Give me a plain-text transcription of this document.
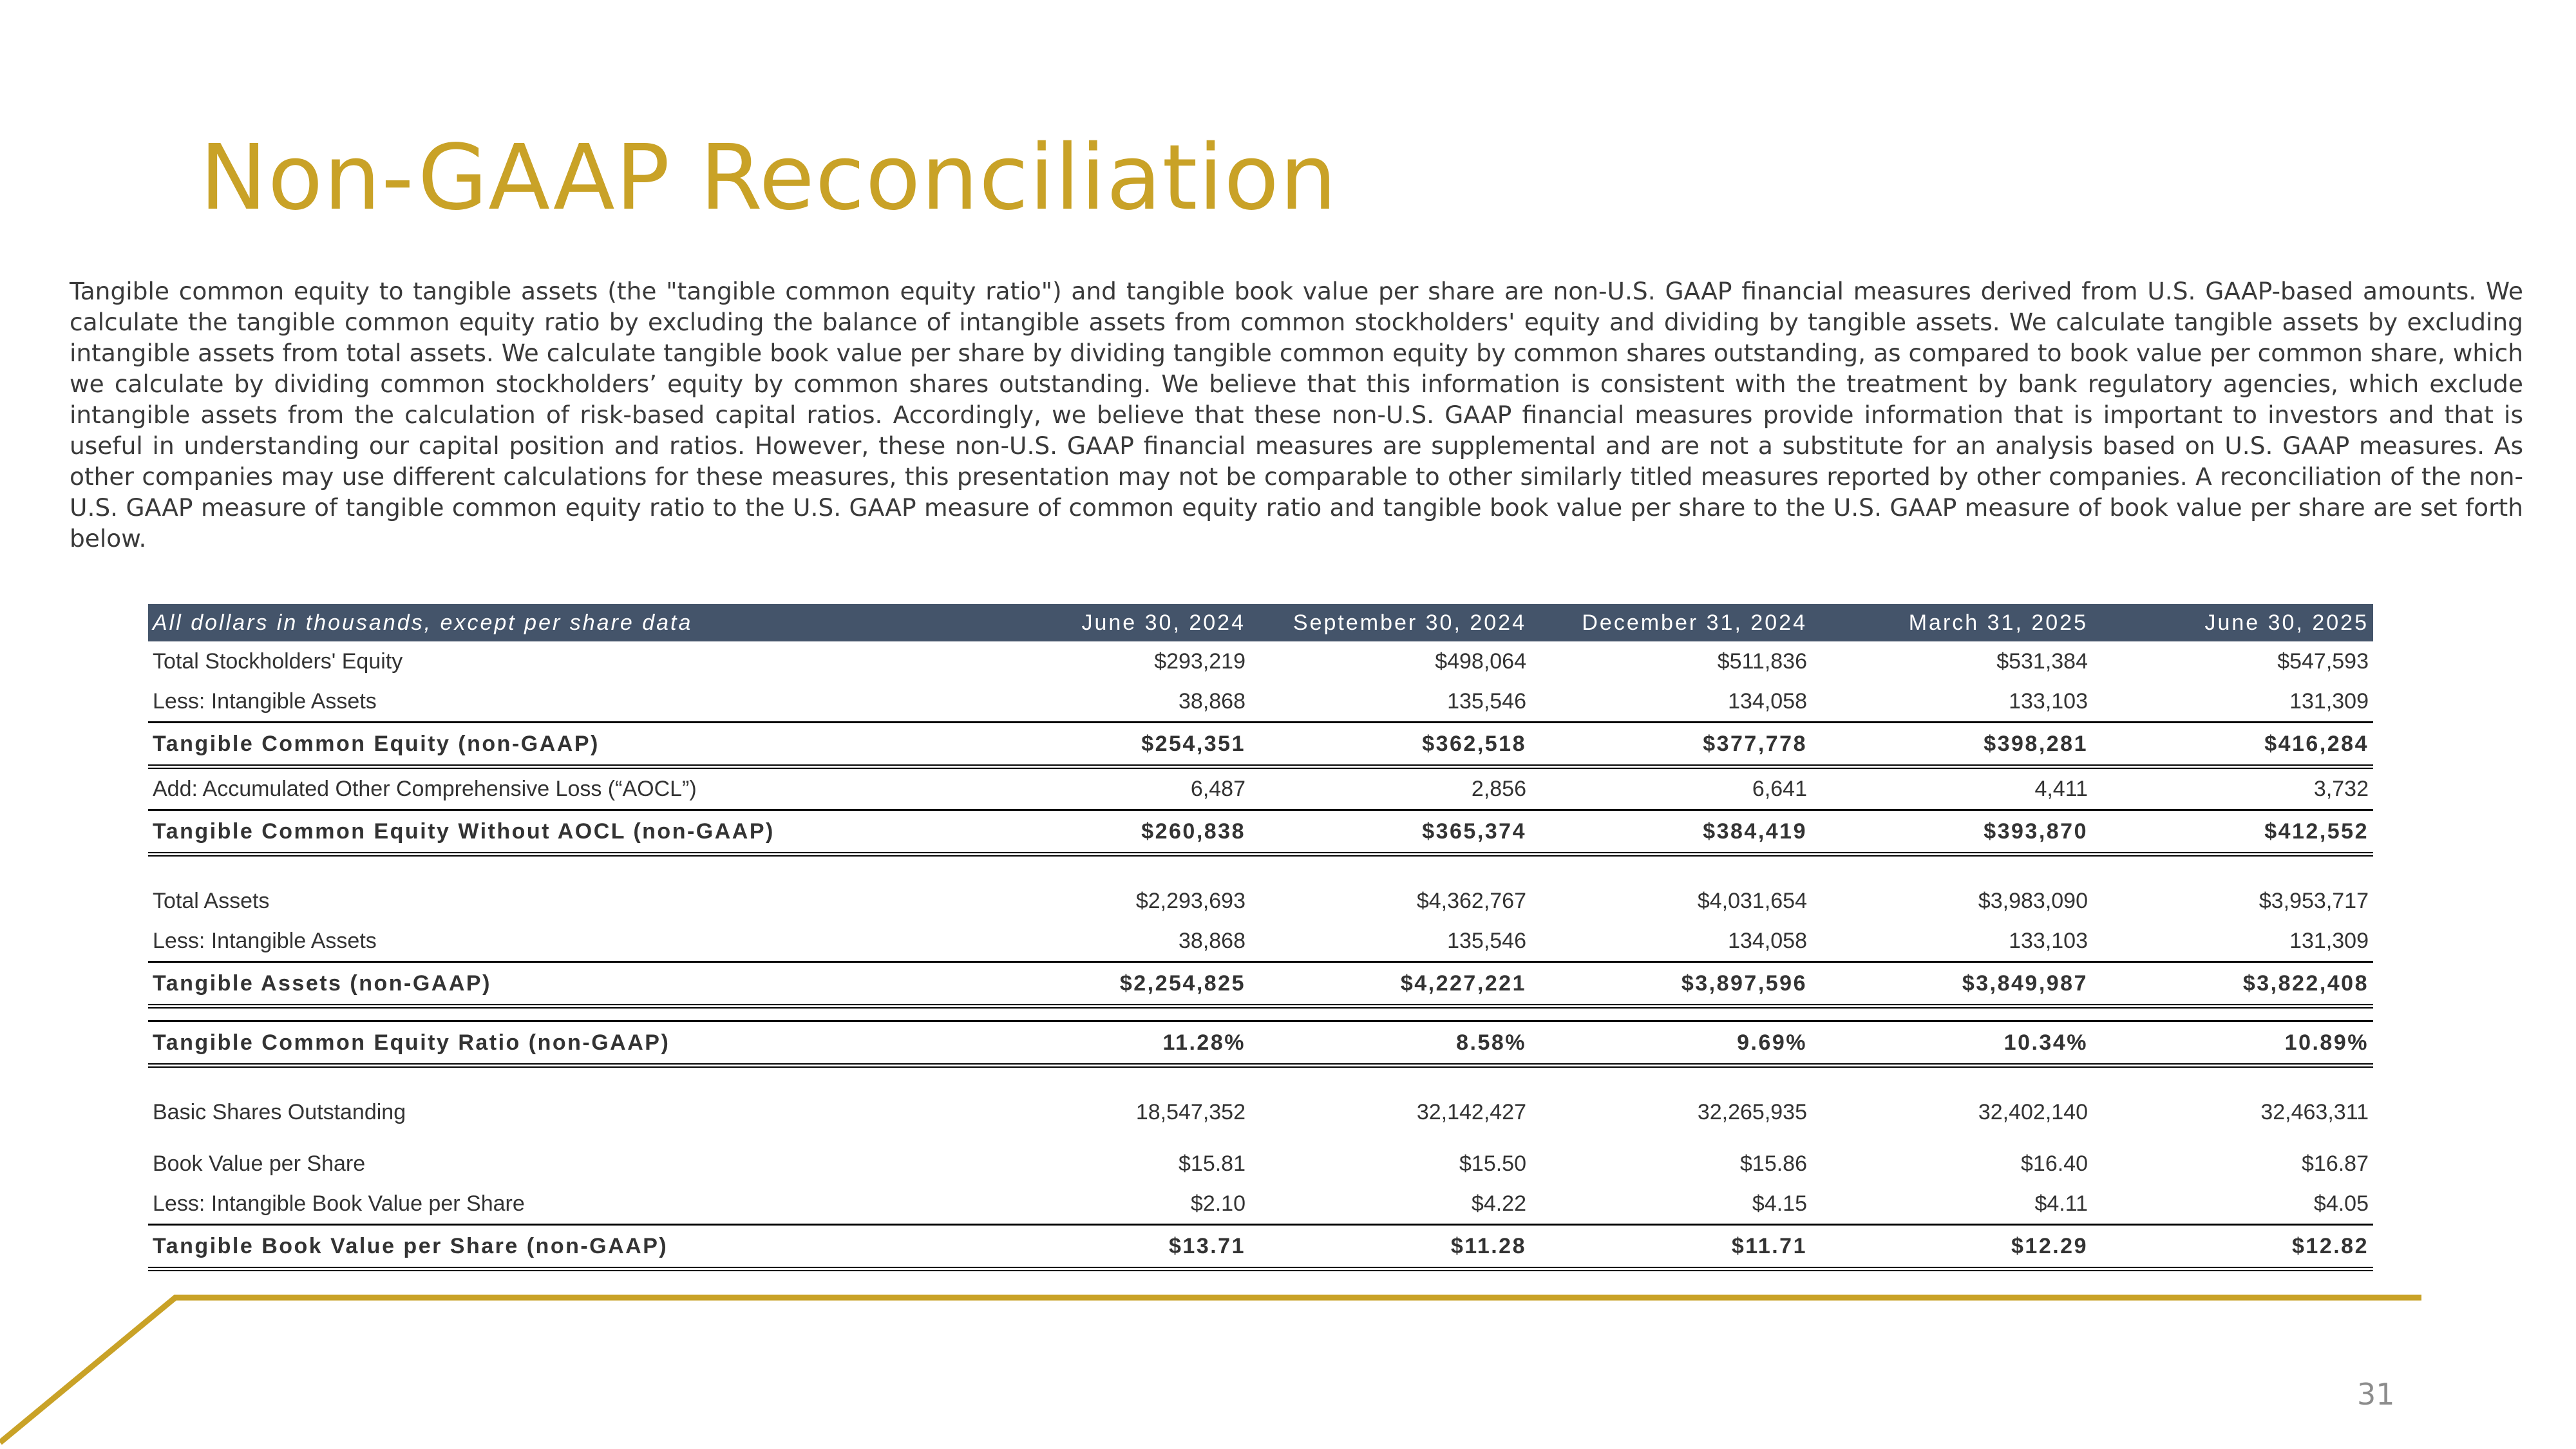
Non-GAAP Reconciliation

Tangible common equity to tangible assets (the "tangible common equity ratio") and tangible book value per share are non-U.S. GAAP financial measures derived from U.S. GAAP-based amounts. We calculate the tangible common equity ratio by excluding the balance of intangible assets from common stockholders' equity and dividing by tangible assets. We calculate tangible assets by excluding intangible assets from total assets. We calculate tangible book value per share by dividing tangible common equity by common shares outstanding, as compared to book value per common share, which we calculate by dividing common stockholders’ equity by common shares outstanding. We believe that this information is consistent with the treatment by bank regulatory agencies, which exclude intangible assets from the calculation of risk-based capital ratios. Accordingly, we believe that these non-U.S. GAAP financial measures provide information that is important to investors and that is useful in understanding our capital position and ratios. However, these non-U.S. GAAP financial measures are supplemental and are not a substitute for an analysis based on U.S. GAAP measures. As other companies may use different calculations for these measures, this presentation may not be comparable to other similarly titled measures reported by other companies. A reconciliation of the non-U.S. GAAP measure of tangible common equity ratio to the U.S. GAAP measure of common equity ratio and tangible book value per share to the U.S. GAAP measure of book value per share are set forth below.

All dollars in thousands, except per share data	June 30, 2024	September 30, 2024	December 31, 2024	March 31, 2025	June 30, 2025
Total Stockholders' Equity	$293,219	$498,064	$511,836	$531,384	$547,593
Less: Intangible Assets	38,868	135,546	134,058	133,103	131,309
Tangible Common Equity (non-GAAP)	$254,351	$362,518	$377,778	$398,281	$416,284
Add: Accumulated Other Comprehensive Loss (“AOCL”)	6,487	2,856	6,641	4,411	3,732
Tangible Common Equity Without AOCL (non-GAAP)	$260,838	$365,374	$384,419	$393,870	$412,552

Total Assets	$2,293,693	$4,362,767	$4,031,654	$3,983,090	$3,953,717
Less: Intangible Assets	38,868	135,546	134,058	133,103	131,309
Tangible Assets (non-GAAP)	$2,254,825	$4,227,221	$3,897,596	$3,849,987	$3,822,408

Tangible Common Equity Ratio (non-GAAP)	11.28%	8.58%	9.69%	10.34%	10.89%

Basic Shares Outstanding	18,547,352	32,142,427	32,265,935	32,402,140	32,463,311

Book Value per Share	$15.81	$15.50	$15.86	$16.40	$16.87
Less: Intangible Book Value per Share	$2.10	$4.22	$4.15	$4.11	$4.05
Tangible Book Value per Share (non-GAAP)	$13.71	$11.28	$11.71	$12.29	$12.82
31
